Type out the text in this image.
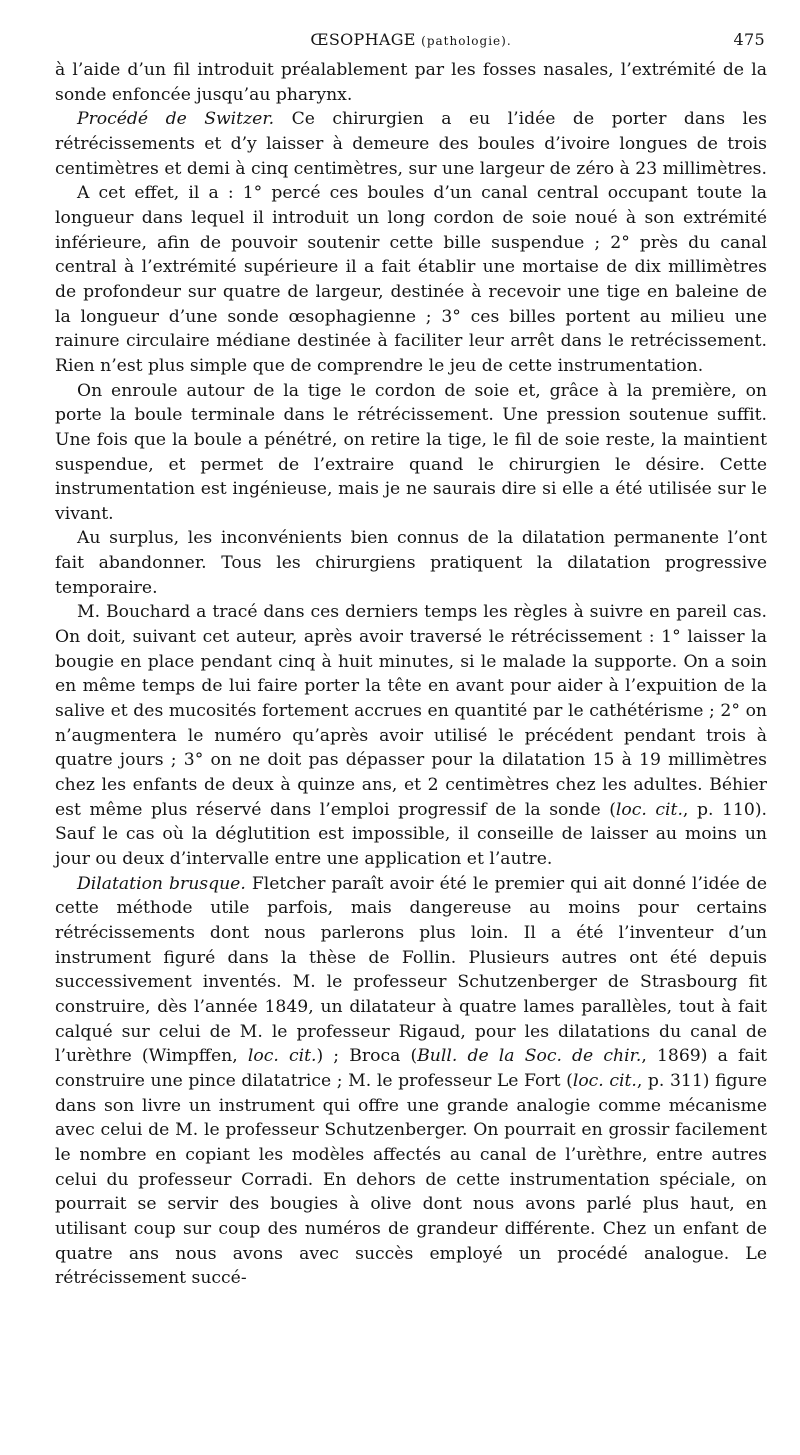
ŒSOPHAGE (pathologie).	475

à l’aide d’un fil introduit préalablement par les fosses nasales, l’extrémité de la sonde enfoncée jusqu’au pharynx.

Procédé de Switzer. Ce chirurgien a eu l’idée de porter dans les rétrécissements et d’y laisser à demeure des boules d’ivoire longues de trois centimètres et demi à cinq centimètres, sur une largeur de zéro à 23 millimètres.

A cet effet, il a : 1° percé ces boules d’un canal central occupant toute la longueur dans lequel il introduit un long cordon de soie noué à son extrémité inférieure, afin de pouvoir soutenir cette bille suspendue ; 2° près du canal central à l’extrémité supérieure il a fait établir une mortaise de dix millimètres de profondeur sur quatre de largeur, destinée à recevoir une tige en baleine de la longueur d’une sonde œsophagienne ; 3° ces billes portent au milieu une rainure circulaire médiane destinée à faciliter leur arrêt dans le retrécissement. Rien n’est plus simple que de comprendre le jeu de cette instrumentation.

On enroule autour de la tige le cordon de soie et, grâce à la première, on porte la boule terminale dans le rétrécissement. Une pression soutenue suffit. Une fois que la boule a pénétré, on retire la tige, le fil de soie reste, la maintient suspendue, et permet de l’extraire quand le chirurgien le désire. Cette instrumentation est ingénieuse, mais je ne saurais dire si elle a été utilisée sur le vivant.

Au surplus, les inconvénients bien connus de la dilatation permanente l’ont fait abandonner. Tous les chirurgiens pratiquent la dilatation progressive temporaire.

M. Bouchard a tracé dans ces derniers temps les règles à suivre en pareil cas. On doit, suivant cet auteur, après avoir traversé le rétrécissement : 1° laisser la bougie en place pendant cinq à huit minutes, si le malade la supporte. On a soin en même temps de lui faire porter la tête en avant pour aider à l’expuition de la salive et des mucosités fortement accrues en quantité par le cathétérisme ; 2° on n’augmentera le numéro qu’après avoir utilisé le précédent pendant trois à quatre jours ; 3° on ne doit pas dépasser pour la dilatation 15 à 19 millimètres chez les enfants de deux à quinze ans, et 2 centimètres chez les adultes. Béhier est même plus réservé dans l’emploi progressif de la sonde (loc. cit., p. 110). Sauf le cas où la déglutition est impossible, il conseille de laisser au moins un jour ou deux d’intervalle entre une application et l’autre.

Dilatation brusque. Fletcher paraît avoir été le premier qui ait donné l’idée de cette méthode utile parfois, mais dangereuse au moins pour certains rétrécissements dont nous parlerons plus loin. Il a été l’inventeur d’un instrument figuré dans la thèse de Follin. Plusieurs autres ont été depuis successivement inventés. M. le professeur Schutzenberger de Strasbourg fit construire, dès l’année 1849, un dilatateur à quatre lames parallèles, tout à fait calqué sur celui de M. le professeur Rigaud, pour les dilatations du canal de l’urèthre (Wimpffen, loc. cit.) ; Broca (Bull. de la Soc. de chir., 1869) a fait construire une pince dilatatrice ; M. le professeur Le Fort (loc. cit., p. 311) figure dans son livre un instrument qui offre une grande analogie comme mécanisme avec celui de M. le professeur Schutzenberger. On pourrait en grossir facilement le nombre en copiant les modèles affectés au canal de l’urèthre, entre autres celui du professeur Corradi. En dehors de cette instrumentation spéciale, on pourrait se servir des bougies à olive dont nous avons parlé plus haut, en utilisant coup sur coup des numéros de grandeur différente. Chez un enfant de quatre ans nous avons avec succès employé un procédé analogue. Le rétrécissement succé-
